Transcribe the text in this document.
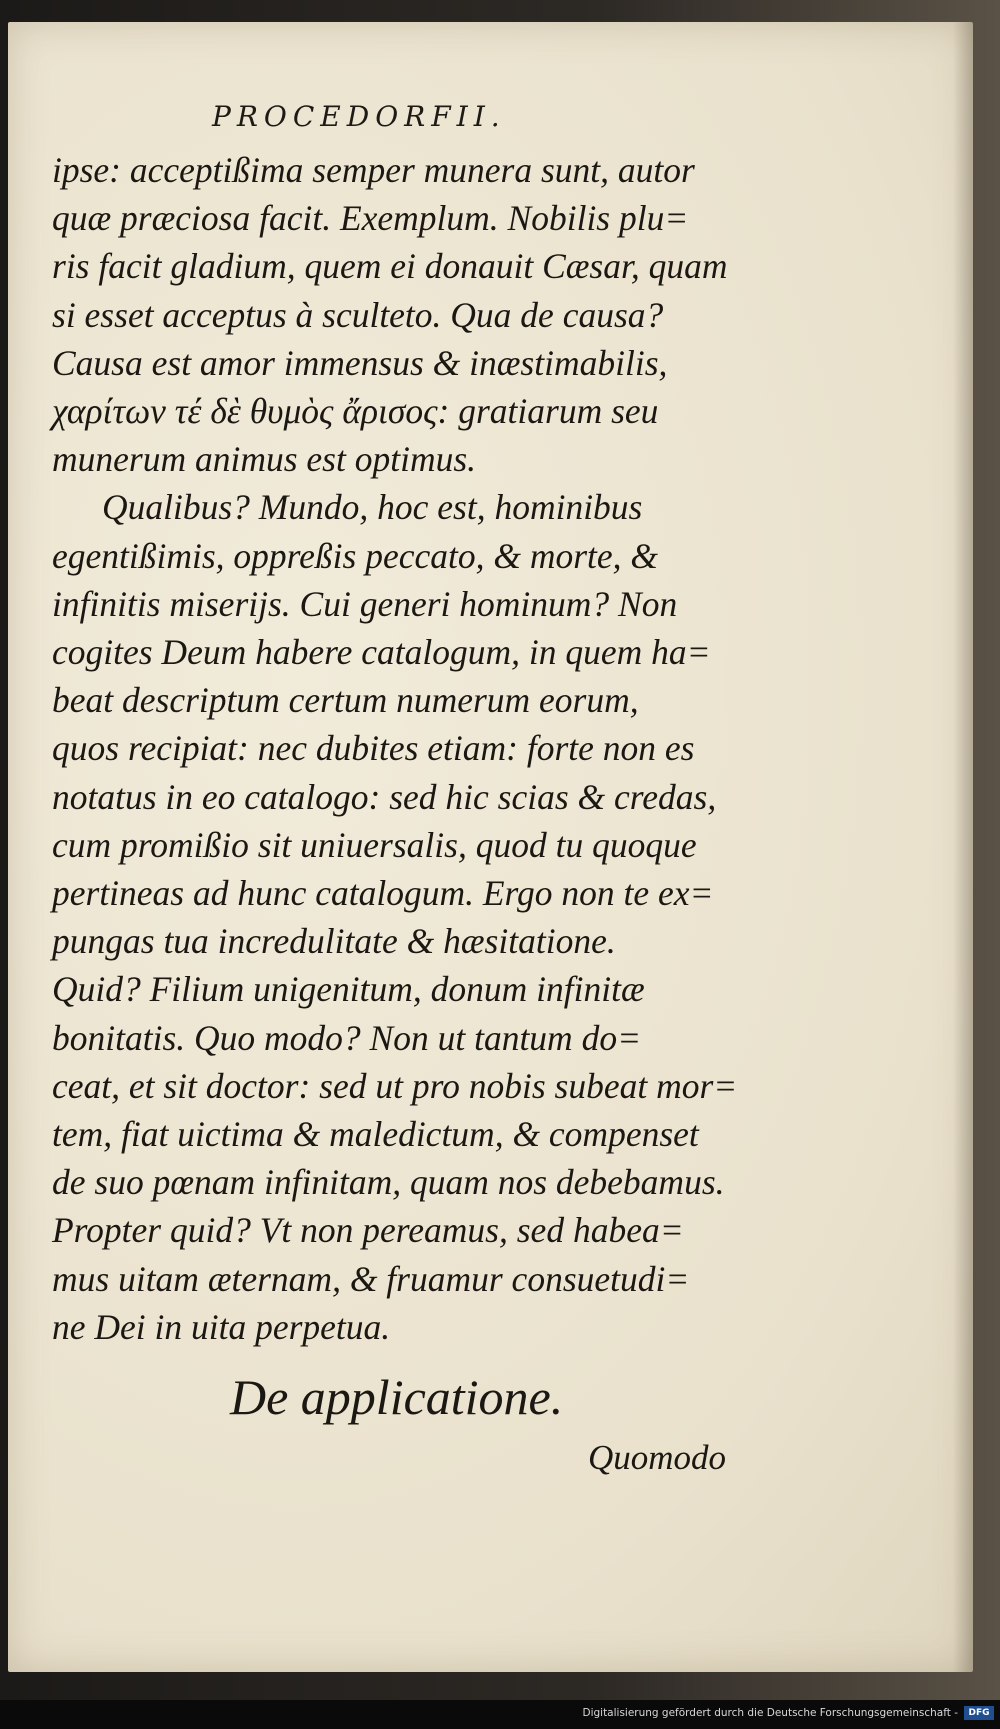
PROCEDORFII.
ipse: acceptißima semper munera sunt, autor
quæ præciosa facit. Exemplum. Nobilis plu=
ris facit gladium, quem ei donauit Cæsar, quam
si esset acceptus à sculteto. Qua de causa?
Causa est amor immensus & inæstimabilis,
χαρίτων τέ δὲ θυμὸς ἄρισος: gratiarum seu
munerum animus est optimus.
Qualibus? Mundo, hoc est, hominibus
egentißimis, oppreßis peccato, & morte, &
infinitis miserijs. Cui generi hominum? Non
cogites Deum habere catalogum, in quem ha=
beat descriptum certum numerum eorum,
quos recipiat: nec dubites etiam: forte non es
notatus in eo catalogo: sed hic scias & credas,
cum promißio sit uniuersalis, quod tu quoque
pertineas ad hunc catalogum. Ergo non te ex=
pungas tua incredulitate & hæsitatione.
Quid? Filium unigenitum, donum infinitæ
bonitatis. Quo modo? Non ut tantum do=
ceat, et sit doctor: sed ut pro nobis subeat mor=
tem, fiat uictima & maledictum, & compenset
de suo pœnam infinitam, quam nos debebamus.
Propter quid? Vt non pereamus, sed habea=
mus uitam æternam, & fruamur consuetudi=
ne Dei in uita perpetua.
De applicatione.
Quomodo
Digitalisierung gefördert durch die Deutsche Forschungsgemeinschaft -	DFG
